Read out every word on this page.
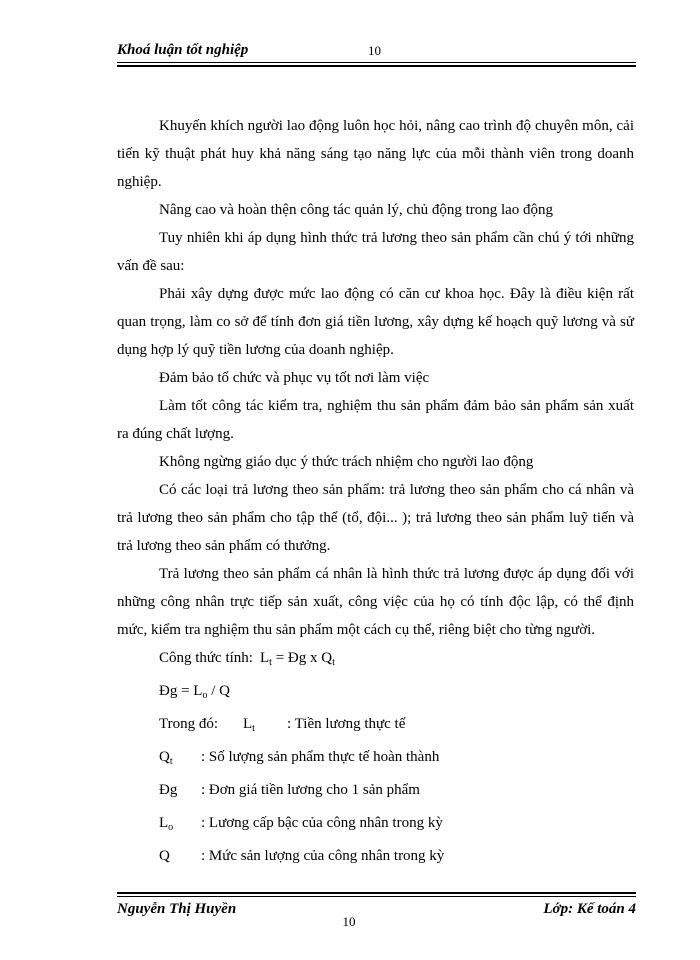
Khoá luận tốt nghiệp	10

Khuyến khích người lao động luôn học hỏi, nâng cao trình độ chuyên môn, cải tiến kỹ thuật phát huy khả năng sáng tạo năng lực của mỗi thành viên trong doanh nghiệp.

Nâng cao và hoàn thện công tác quản lý, chủ động trong lao động

Tuy nhiên khi áp dụng hình thức trả lương theo sản phẩm cần chú ý tới những vấn đề sau:

Phải xây dựng được mức lao động có căn cư khoa học. Đây là điều kiện rất quan trọng, làm co sở để tính đơn giá tiền lương, xây dựng kế hoạch quỹ lương và sử dụng hợp lý quỹ tiền lương của doanh nghiệp.

Đảm bảo tổ chức và phục vụ tốt nơi làm việc

Làm tốt công tác kiểm tra, nghiệm thu sản phẩm đảm bảo sản phẩm sản xuất ra đúng chất lượng.

Không ngừng giáo dục ý thức trách nhiệm cho người lao động

Có các loại trả lương theo sản phẩm: trả lương theo sản phẩm cho cá nhân và trả lương theo sản phẩm cho tập thể (tổ, đội... ); trả lương theo sản phẩm luỹ tiến và trả lương theo sản phẩm có thưởng.

Trả lương theo sản phẩm cá nhân là hình thức trả lương được áp dụng đối với những công nhân trực tiếp sản xuất, công việc của họ có tính độc lập, có thể định mức, kiểm tra nghiệm thu sản phẩm một cách cụ thể, riêng biệt cho từng người.

Công thức tính: $L_t$ = Đg x $Q_t$

Đg = $L_o$ / Q

Trong đó: $L_t$ : Tiền lương thực tế

$Q_t$ : Số lượng sản phẩm thực tế hoàn thành

Đg : Đơn giá tiền lương cho 1 sản phẩm

$L_o$ : Lương cấp bậc của công nhân trong kỳ

Q : Mức sản lượng của công nhân trong kỳ

Nguyễn Thị Huyền	Lớp: Kế toán 4
10
